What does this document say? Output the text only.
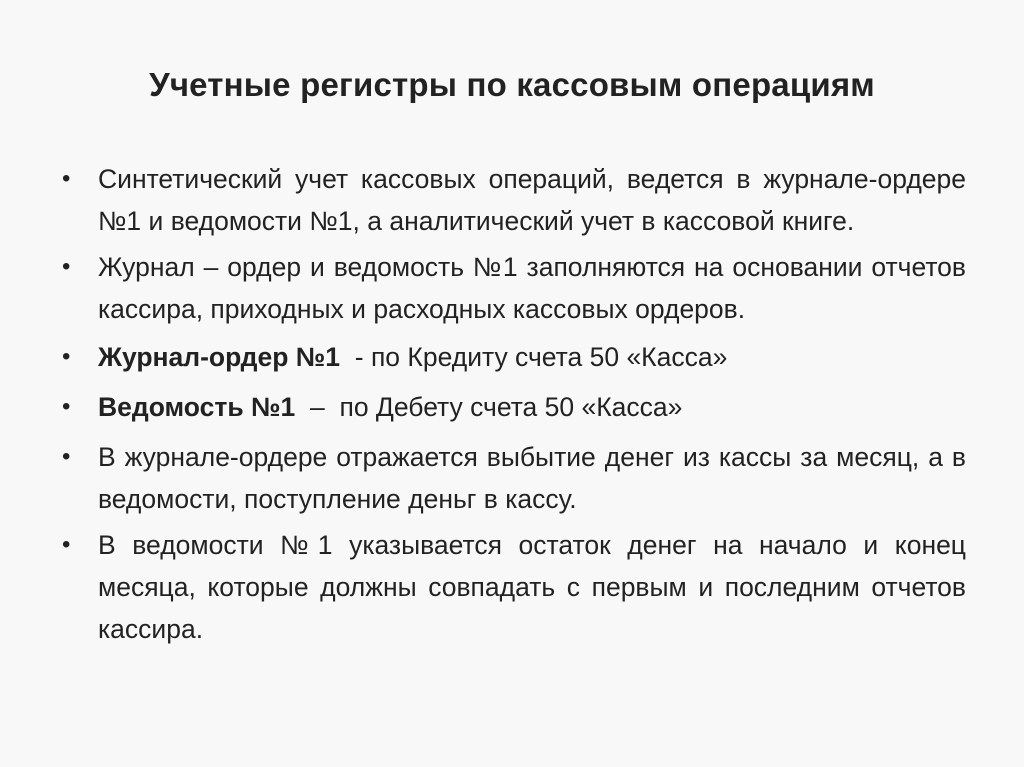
Учетные регистры по кассовым операциям
•	Синтетический учет кассовых операций, ведется в журнале-ордере №1 и ведомости №1, а аналитический учет в кассовой книге.
•	Журнал – ордер и ведомость №1 заполняются на основании отчетов кассира, приходных и расходных кассовых ордеров.
•	Журнал-ордер №1  - по Кредиту счета 50 «Касса»
•	Ведомость №1  –  по Дебету счета 50 «Касса»
•	В журнале-ордере отражается выбытие денег из кассы за месяц, а в ведомости, поступление деньг в кассу.
•	В ведомости №1 указывается остаток денег на начало и конец месяца, которые должны совпадать с первым и последним отчетов кассира.
